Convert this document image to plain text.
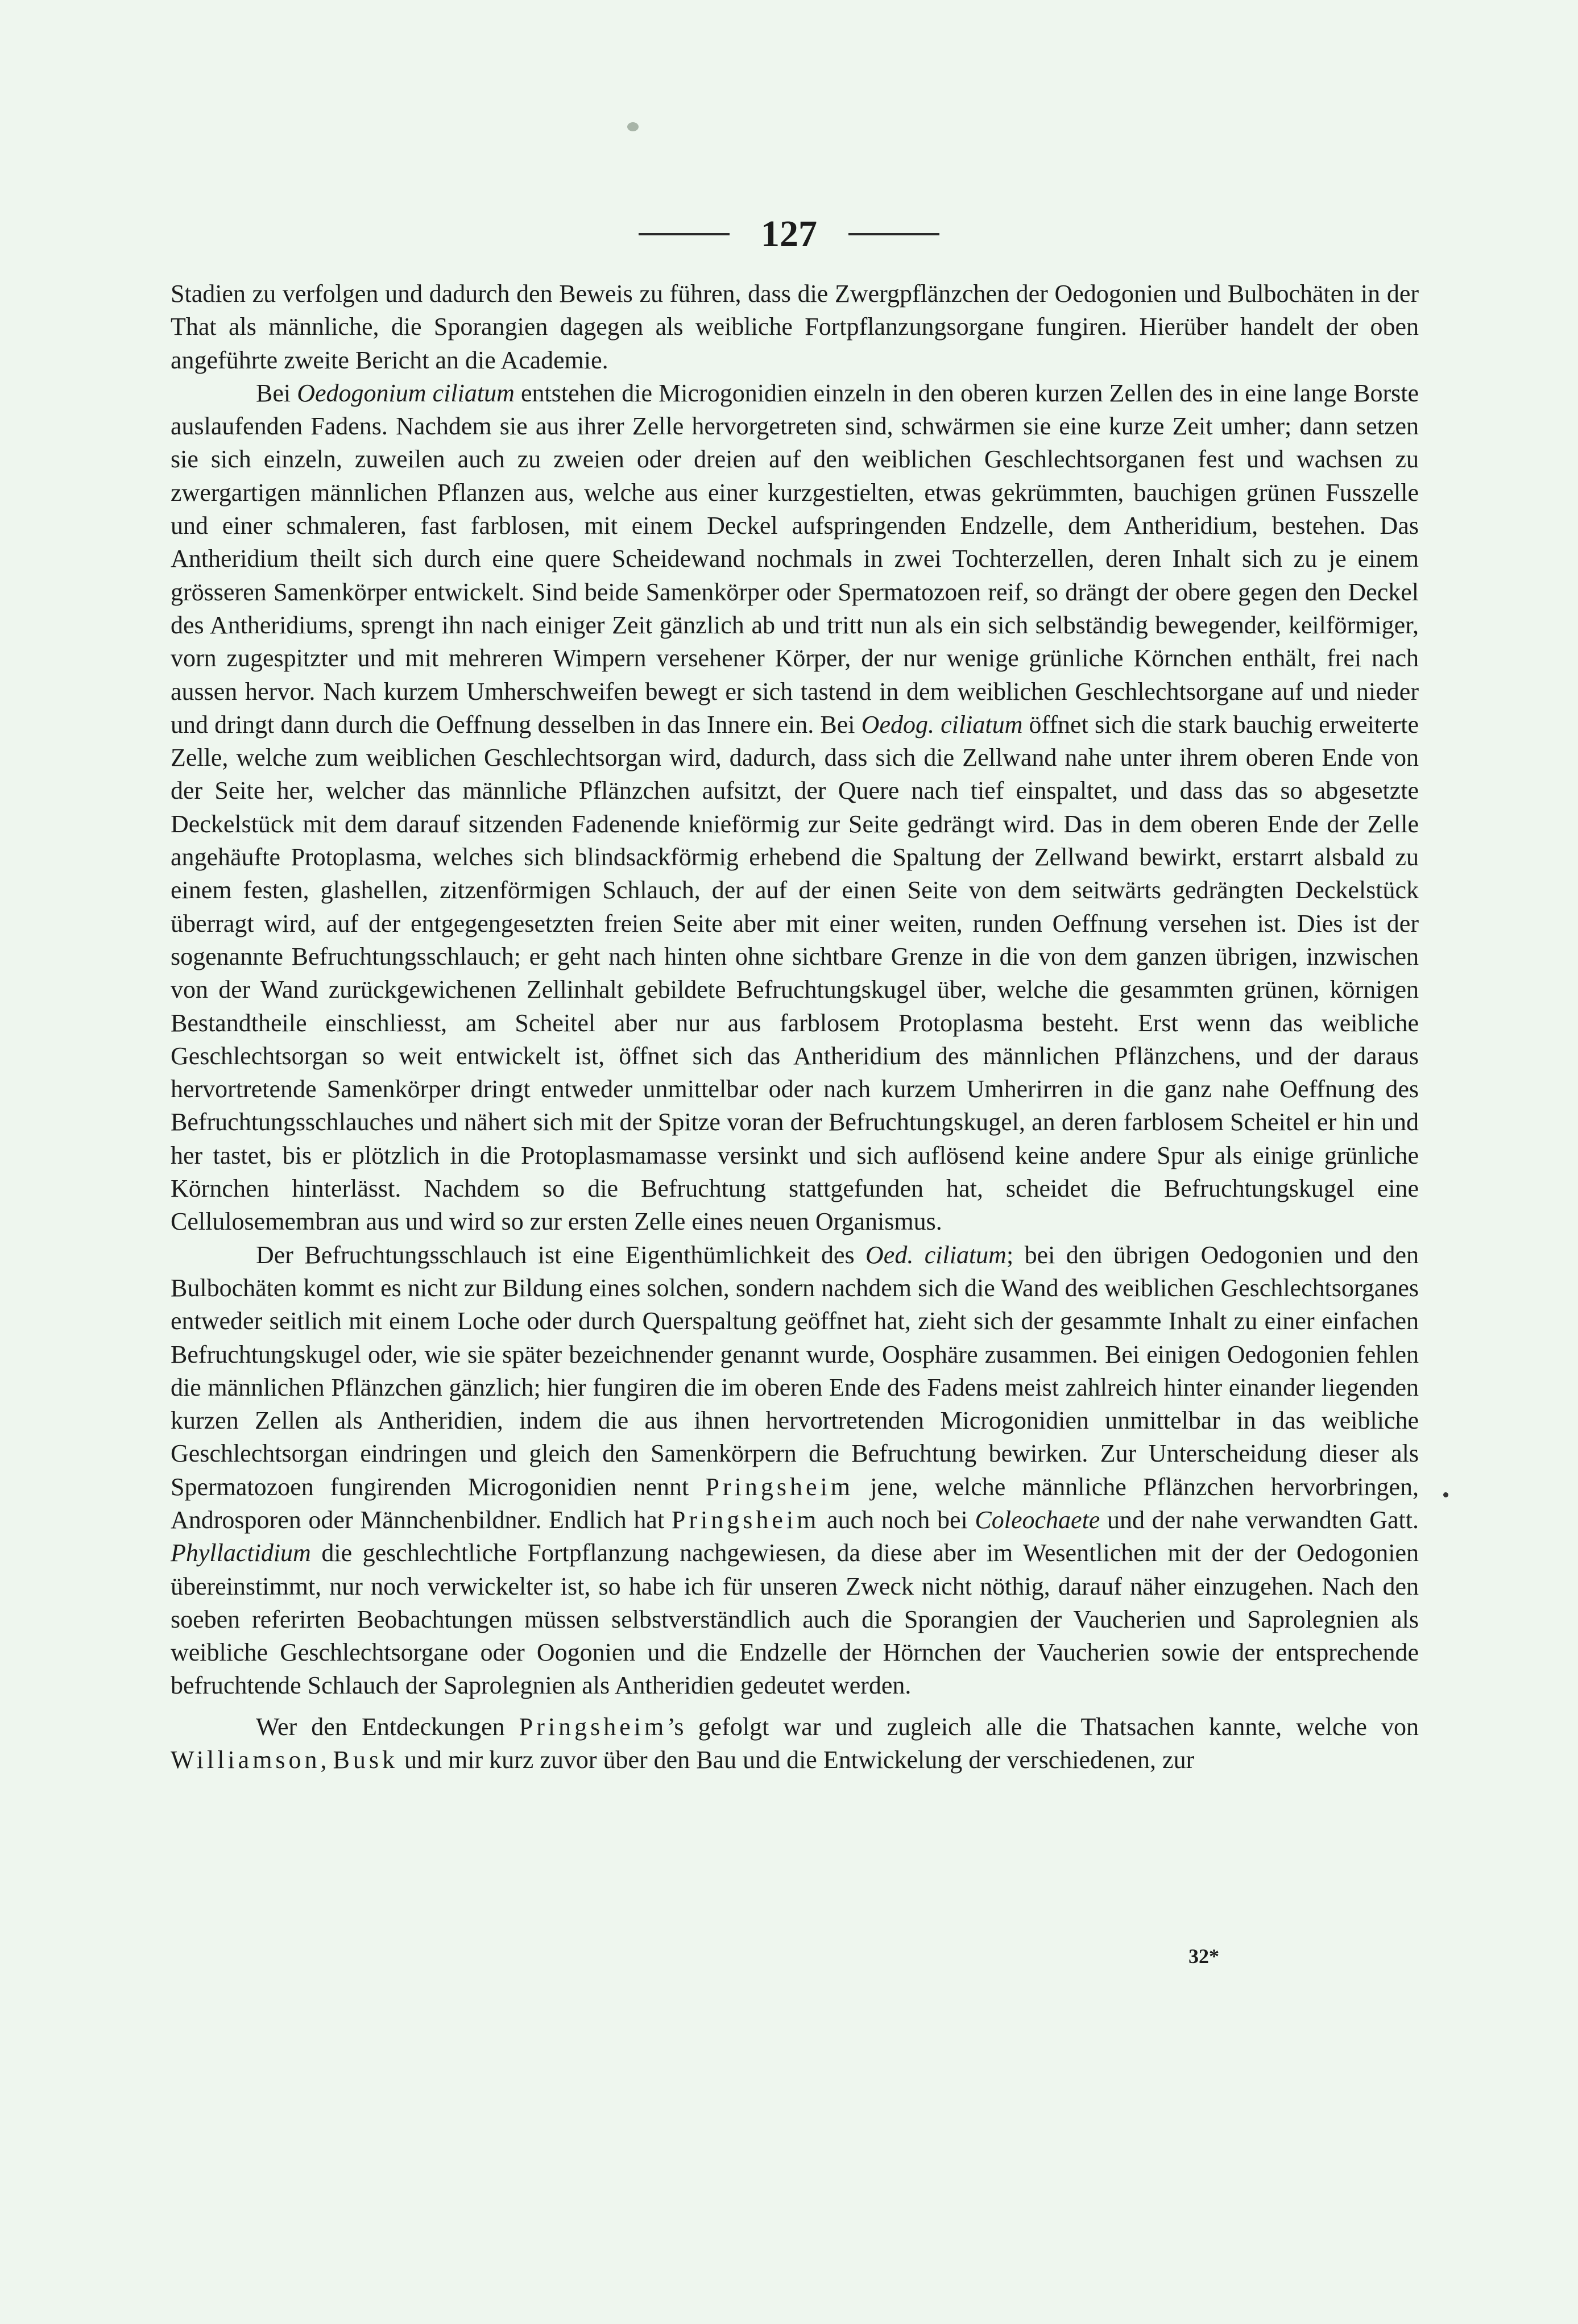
127

Stadien zu verfolgen und dadurch den Beweis zu führen, dass die Zwergpflänzchen der Oedogonien und Bulbochäten in der That als männliche, die Sporangien dagegen als weibliche Fortpflanzungsorgane fungiren. Hierüber handelt der oben angeführte zweite Bericht an die Academie.

Bei Oedogonium ciliatum entstehen die Microgonidien einzeln in den oberen kurzen Zellen des in eine lange Borste auslaufenden Fadens. Nachdem sie aus ihrer Zelle hervorgetreten sind, schwärmen sie eine kurze Zeit umher; dann setzen sie sich einzeln, zuweilen auch zu zweien oder dreien auf den weiblichen Geschlechtsorganen fest und wachsen zu zwergartigen männlichen Pflanzen aus, welche aus einer kurzgestielten, etwas gekrümmten, bauchigen grünen Fusszelle und einer schmaleren, fast farblosen, mit einem Deckel aufspringenden Endzelle, dem Antheridium, bestehen. Das Antheridium theilt sich durch eine quere Scheidewand nochmals in zwei Tochterzellen, deren Inhalt sich zu je einem grösseren Samenkörper entwickelt. Sind beide Samenkörper oder Spermatozoen reif, so drängt der obere gegen den Deckel des Antheridiums, sprengt ihn nach einiger Zeit gänzlich ab und tritt nun als ein sich selbständig bewegender, keilförmiger, vorn zugespitzter und mit mehreren Wimpern versehener Körper, der nur wenige grünliche Körnchen enthält, frei nach aussen hervor. Nach kurzem Umherschweifen bewegt er sich tastend in dem weiblichen Geschlechtsorgane auf und nieder und dringt dann durch die Oeffnung desselben in das Innere ein. Bei Oedog. ciliatum öffnet sich die stark bauchig erweiterte Zelle, welche zum weiblichen Geschlechtsorgan wird, dadurch, dass sich die Zellwand nahe unter ihrem oberen Ende von der Seite her, welcher das männliche Pflänzchen aufsitzt, der Quere nach tief einspaltet, und dass das so abgesetzte Deckelstück mit dem darauf sitzenden Fadenende knieförmig zur Seite gedrängt wird. Das in dem oberen Ende der Zelle angehäufte Protoplasma, welches sich blindsackförmig erhebend die Spaltung der Zellwand bewirkt, erstarrt alsbald zu einem festen, glashellen, zitzenförmigen Schlauch, der auf der einen Seite von dem seitwärts gedrängten Deckelstück überragt wird, auf der entgegengesetzten freien Seite aber mit einer weiten, runden Oeffnung versehen ist. Dies ist der sogenannte Befruchtungsschlauch; er geht nach hinten ohne sichtbare Grenze in die von dem ganzen übrigen, inzwischen von der Wand zurückgewichenen Zellinhalt gebildete Befruchtungskugel über, welche die gesammten grünen, körnigen Bestandtheile einschliesst, am Scheitel aber nur aus farblosem Protoplasma besteht. Erst wenn das weibliche Geschlechtsorgan so weit entwickelt ist, öffnet sich das Antheridium des männlichen Pflänzchens, und der daraus hervortretende Samenkörper dringt entweder unmittelbar oder nach kurzem Umherirren in die ganz nahe Oeffnung des Befruchtungsschlauches und nähert sich mit der Spitze voran der Befruchtungskugel, an deren farblosem Scheitel er hin und her tastet, bis er plötzlich in die Protoplasmamasse versinkt und sich auflösend keine andere Spur als einige grünliche Körnchen hinterlässt. Nachdem so die Befruchtung stattgefunden hat, scheidet die Befruchtungskugel eine Cellulosemembran aus und wird so zur ersten Zelle eines neuen Organismus.

Der Befruchtungsschlauch ist eine Eigenthümlichkeit des Oed. ciliatum; bei den übrigen Oedogonien und den Bulbochäten kommt es nicht zur Bildung eines solchen, sondern nachdem sich die Wand des weiblichen Geschlechtsorganes entweder seitlich mit einem Loche oder durch Querspaltung geöffnet hat, zieht sich der gesammte Inhalt zu einer einfachen Befruchtungskugel oder, wie sie später bezeichnender genannt wurde, Oosphäre zusammen. Bei einigen Oedogonien fehlen die männlichen Pflänzchen gänzlich; hier fungiren die im oberen Ende des Fadens meist zahlreich hinter einander liegenden kurzen Zellen als Antheridien, indem die aus ihnen hervortretenden Microgonidien unmittelbar in das weibliche Geschlechtsorgan eindringen und gleich den Samenkörpern die Befruchtung bewirken. Zur Unterscheidung dieser als Spermatozoen fungirenden Microgonidien nennt Pringsheim jene, welche männliche Pflänzchen hervorbringen, Androsporen oder Männchenbildner. Endlich hat Pringsheim auch noch bei Coleochaete und der nahe verwandten Gatt. Phyllactidium die geschlechtliche Fortpflanzung nachgewiesen, da diese aber im Wesentlichen mit der der Oedogonien übereinstimmt, nur noch verwickelter ist, so habe ich für unseren Zweck nicht nöthig, darauf näher einzugehen. Nach den soeben referirten Beobachtungen müssen selbstverständlich auch die Sporangien der Vaucherien und Saprolegnien als weibliche Geschlechtsorgane oder Oogonien und die Endzelle der Hörnchen der Vaucherien sowie der entsprechende befruchtende Schlauch der Saprolegnien als Antheridien gedeutet werden.

Wer den Entdeckungen Pringsheim’s gefolgt war und zugleich alle die Thatsachen kannte, welche von Williamson, Busk und mir kurz zuvor über den Bau und die Entwickelung der verschiedenen, zur

32*
